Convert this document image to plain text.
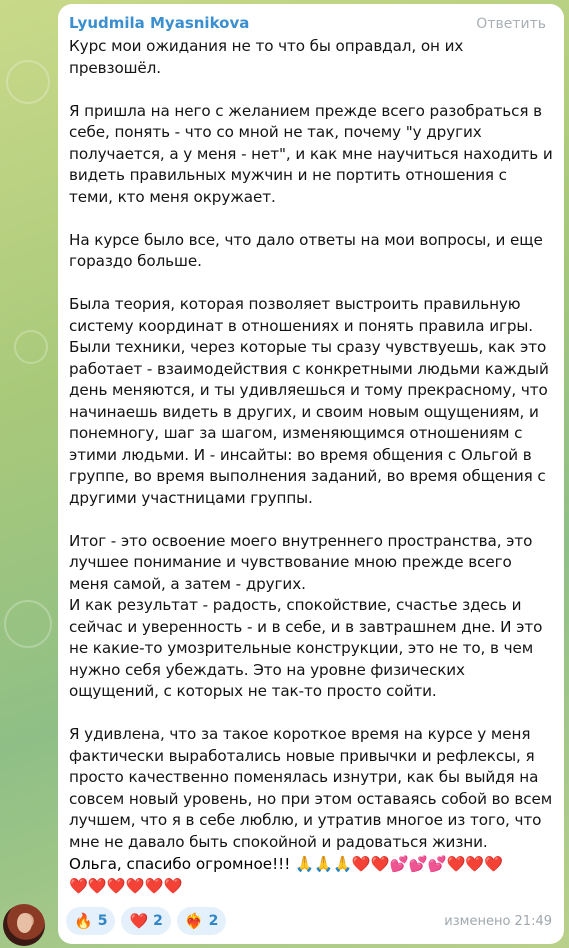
Lyudmila Myasnikova	Ответить

Курс мои ожидания не то что бы оправдал, он их превзошёл.

Я пришла на него с желанием прежде всего разобраться в себе, понять - что со мной не так, почему "у других получается, а у меня - нет", и как мне научиться находить и видеть правильных мужчин и не портить отношения с теми, кто меня окружает.

На курсе было все, что дало ответы на мои вопросы, и еще гораздо больше.

Была теория, которая позволяет выстроить правильную систему координат в отношениях и понять правила игры. Были техники, через которые ты сразу чувствуешь, как это работает - взаимодействия с конкретными людьми каждый день меняются, и ты удивляешься и тому прекрасному, что начинаешь видеть в других, и своим новым ощущениям, и понемногу, шаг за шагом, изменяющимся отношениям с этими людьми. И - инсайты: во время общения с Ольгой в группе, во время выполнения заданий, во время общения с другими участницами группы.

Итог - это освоение моего внутреннего пространства, это лучшее понимание и чувствование мною прежде всего меня самой, а затем - других.
И как результат - радость, спокойствие, счастье здесь и сейчас и уверенность - и в себе, и в завтрашнем дне. И это не какие-то умозрительные конструкции, это не то, в чем нужно себя убеждать. Это на уровне физических ощущений, с которых не так-то просто сойти.

Я удивлена, что за такое короткое время на курсе у меня фактически выработались новые привычки и рефлексы, я просто качественно поменялась изнутри, как бы выйдя на совсем новый уровень, но при этом оставаясь собой во всем лучшем, что я в себе люблю, и утратив многое из того, что мне не давало быть спокойной и радоваться жизни.

Ольга, спасибо огромное!!! 🙏🙏🙏❤️❤️💕💕💕❤️❤️❤️
❤️❤️❤️❤️❤️❤️

🔥 5 ❤️ 2 ❤️‍🔥 2	изменено 21:49
